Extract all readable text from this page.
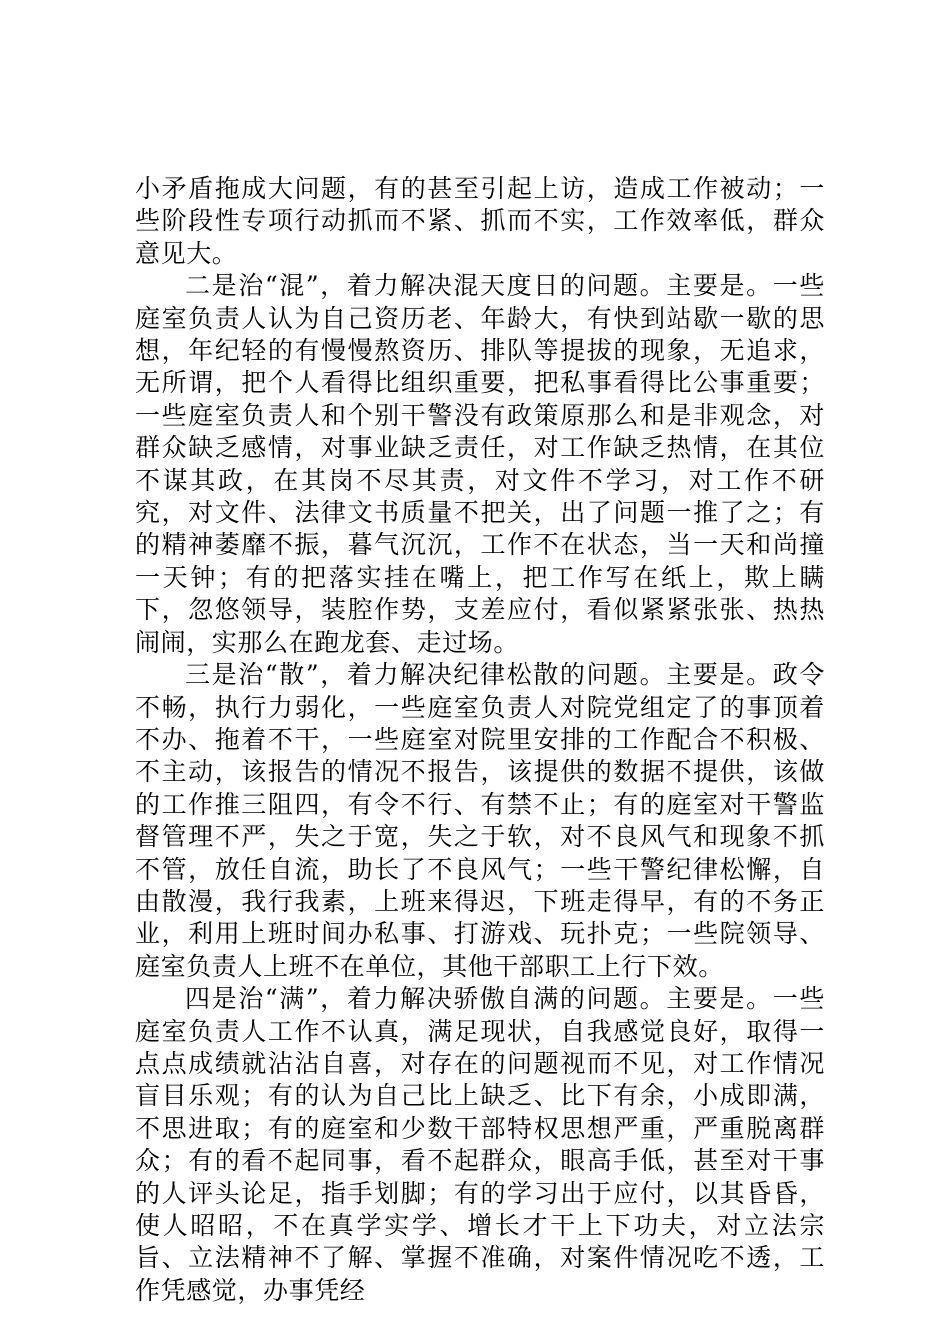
小矛盾拖成大问题，有的甚至引起上访，造成工作被动；一些阶段性专项行动抓而不紧、抓而不实，工作效率低，群众意见大。

二是治“混”，着力解决混天度日的问题。主要是。一些庭室负责人认为自己资历老、年龄大，有快到站歇一歇的思想，年纪轻的有慢慢熬资历、排队等提拔的现象，无追求，无所谓，把个人看得比组织重要，把私事看得比公事重要；一些庭室负责人和个别干警没有政策原那么和是非观念，对群众缺乏感情，对事业缺乏责任，对工作缺乏热情，在其位不谋其政，在其岗不尽其责，对文件不学习，对工作不研究，对文件、法律文书质量不把关，出了问题一推了之；有的精神萎靡不振，暮气沉沉，工作不在状态，当一天和尚撞一天钟；有的把落实挂在嘴上，把工作写在纸上，欺上瞒下，忽悠领导，装腔作势，支差应付，看似紧紧张张、热热闹闹，实那么在跑龙套、走过场。

三是治“散”，着力解决纪律松散的问题。主要是。政令不畅，执行力弱化，一些庭室负责人对院党组定了的事顶着不办、拖着不干，一些庭室对院里安排的工作配合不积极、不主动，该报告的情况不报告，该提供的数据不提供，该做的工作推三阻四，有令不行、有禁不止；有的庭室对干警监督管理不严，失之于宽，失之于软，对不良风气和现象不抓不管，放任自流，助长了不良风气；一些干警纪律松懈，自由散漫，我行我素，上班来得迟，下班走得早，有的不务正业，利用上班时间办私事、打游戏、玩扑克；一些院领导、庭室负责人上班不在单位，其他干部职工上行下效。

四是治“满”，着力解决骄傲自满的问题。主要是。一些庭室负责人工作不认真，满足现状，自我感觉良好，取得一点点成绩就沾沾自喜，对存在的问题视而不见，对工作情况盲目乐观；有的认为自己比上缺乏、比下有余，小成即满，不思进取；有的庭室和少数干部特权思想严重，严重脱离群众；有的看不起同事，看不起群众，眼高手低，甚至对干事的人评头论足，指手划脚；有的学习出于应付，以其昏昏，使人昭昭，不在真学实学、增长才干上下功夫，对立法宗旨、立法精神不了解、掌握不准确，对案件情况吃不透，工作凭感觉，办事凭经
